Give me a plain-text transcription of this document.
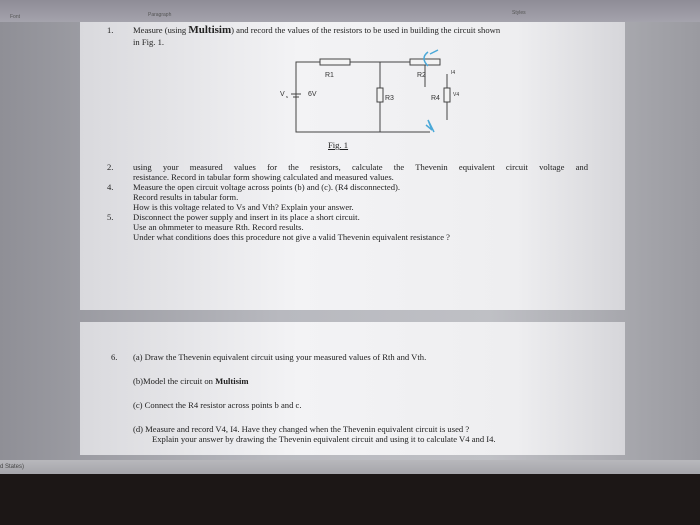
Font	Paragraph	Styles
1. Measure (using Multisim) and record the values of the resistors to be used in building the circuit shown
in Fig. 1.
R1	R2
R3	R4
V s	6V
I4
V4
Fig. 1
2. using your measured values for the resistors, calculate the Thevenin equivalent circuit voltage and
resistance. Record in tabular form showing calculated and measured values.
4. Measure the open circuit voltage across points (b) and (c). (R4 disconnected).
Record results in tabular form.
How is this voltage related to Vs and Vth? Explain your answer.
5. Disconnect the power supply and insert in its place a short circuit.
Use an ohmmeter to measure Rth. Record results.
Under what conditions does this procedure not give a valid Thevenin equivalent resistance ?
6. (a) Draw the Thevenin equivalent circuit using your measured values of Rth and Vth.
(b)Model the circuit on Multisim
(c) Connect the R4 resistor across points b and c.
(d) Measure and record V4, I4. Have they changed when the Thevenin equivalent circuit is used ?
Explain your answer by drawing the Thevenin equivalent circuit and using it to calculate V4 and I4.
d States)
